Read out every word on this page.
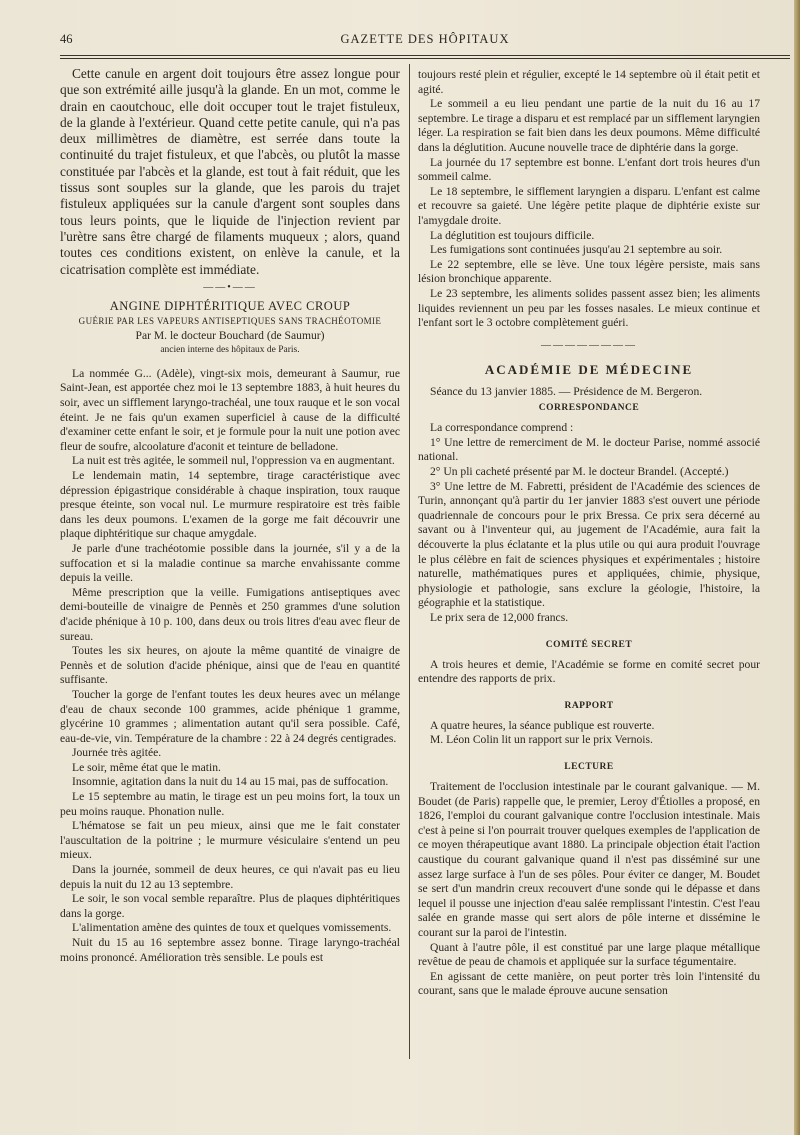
46	GAZETTE DES HÔPITAUX

Cette canule en argent doit toujours être assez longue pour que son extrémité aille jusqu'à la glande. En un mot, comme le drain en caoutchouc, elle doit occuper tout le trajet fistuleux, de la glande à l'extérieur. Quand cette petite canule, qui n'a pas deux millimètres de diamètre, est serrée dans toute la continuité du trajet fistuleux, et que l'abcès, ou plutôt la masse constituée par l'abcès et la glande, est tout à fait réduit, que les tissus sont souples sur la glande, que les parois du trajet fistuleux appliquées sur la canule d'argent sont souples dans tous leurs points, que le liquide de l'injection revient par l'urètre sans être chargé de filaments muqueux ; alors, quand toutes ces conditions existent, on enlève la canule, et la cicatrisation complète est immédiate.

——•——
ANGINE DIPHTÉRITIQUE AVEC CROUP
GUÉRIE PAR LES VAPEURS ANTISEPTIQUES SANS TRACHÉOTOMIE
Par M. le docteur Bouchard (de Saumur)
ancien interne des hôpitaux de Paris.

La nommée G... (Adèle), vingt-six mois, demeurant à Saumur, rue Saint-Jean, est apportée chez moi le 13 septembre 1883, à huit heures du soir, avec un sifflement laryngo-trachéal, une toux rauque et le son vocal éteint. Je ne fais qu'un examen superficiel à cause de la difficulté d'examiner cette enfant le soir, et je formule pour la nuit une potion avec fleur de soufre, alcoolature d'aconit et teinture de belladone.

La nuit est très agitée, le sommeil nul, l'oppression va en augmentant.

Le lendemain matin, 14 septembre, tirage caractéristique avec dépression épigastrique considérable à chaque inspiration, toux rauque presque éteinte, son vocal nul. Le murmure respiratoire est très faible dans les deux poumons. L'examen de la gorge me fait découvrir une plaque diphtéritique sur chaque amygdale.

Je parle d'une trachéotomie possible dans la journée, s'il y a de la suffocation et si la maladie continue sa marche envahissante comme depuis la veille.

Même prescription que la veille. Fumigations antiseptiques avec demi-bouteille de vinaigre de Pennès et 250 grammes d'une solution d'acide phénique à 10 p. 100, dans deux ou trois litres d'eau avec fleur de sureau.

Toutes les six heures, on ajoute la même quantité de vinaigre de Pennès et de solution d'acide phénique, ainsi que de l'eau en quantité suffisante.

Toucher la gorge de l'enfant toutes les deux heures avec un mélange d'eau de chaux seconde 100 grammes, acide phénique 1 gramme, glycérine 10 grammes ; alimentation autant qu'il sera possible. Café, eau-de-vie, vin. Température de la chambre : 22 à 24 degrés centigrades.

Journée très agitée.

Le soir, même état que le matin.

Insomnie, agitation dans la nuit du 14 au 15 mai, pas de suffocation.

Le 15 septembre au matin, le tirage est un peu moins fort, la toux un peu moins rauque. Phonation nulle.

L'hématose se fait un peu mieux, ainsi que me le fait constater l'auscultation de la poitrine ; le murmure vésiculaire s'entend un peu mieux.

Dans la journée, sommeil de deux heures, ce qui n'avait pas eu lieu depuis la nuit du 12 au 13 septembre.

Le soir, le son vocal semble reparaître. Plus de plaques diphtéritiques dans la gorge.

L'alimentation amène des quintes de toux et quelques vomissements.

Nuit du 15 au 16 septembre assez bonne. Tirage laryngo-trachéal moins prononcé. Amélioration très sensible. Le pouls est

toujours resté plein et régulier, excepté le 14 septembre où il était petit et agité.

Le sommeil a eu lieu pendant une partie de la nuit du 16 au 17 septembre. Le tirage a disparu et est remplacé par un sifflement laryngien léger. La respiration se fait bien dans les deux poumons. Même difficulté dans la déglutition. Aucune nouvelle trace de diphtérie dans la gorge.

La journée du 17 septembre est bonne. L'enfant dort trois heures d'un sommeil calme.

Le 18 septembre, le sifflement laryngien a disparu. L'enfant est calme et recouvre sa gaieté. Une légère petite plaque de diphtérie existe sur l'amygdale droite.

La déglutition est toujours difficile.

Les fumigations sont continuées jusqu'au 21 septembre au soir.

Le 22 septembre, elle se lève. Une toux légère persiste, mais sans lésion bronchique apparente.

Le 23 septembre, les aliments solides passent assez bien; les aliments liquides reviennent un peu par les fosses nasales. Le mieux continue et l'enfant sort le 3 octobre complètement guéri.

————————
ACADÉMIE DE MÉDECINE

Séance du 13 janvier 1885. — Présidence de M. Bergeron.

CORRESPONDANCE

La correspondance comprend :

1° Une lettre de remerciment de M. le docteur Parise, nommé associé national.

2° Un pli cacheté présenté par M. le docteur Brandel. (Accepté.)

3° Une lettre de M. Fabretti, président de l'Académie des sciences de Turin, annonçant qu'à partir du 1er janvier 1883 s'est ouvert une période quadriennale de concours pour le prix Bressa. Ce prix sera décerné au savant ou à l'inventeur qui, au jugement de l'Académie, aura fait la découverte la plus éclatante et la plus utile ou qui aura produit l'ouvrage le plus célèbre en fait de sciences physiques et expérimentales ; histoire naturelle, mathématiques pures et appliquées, chimie, physique, physiologie et pathologie, sans exclure la géologie, l'histoire, la géographie et la statistique.

Le prix sera de 12,000 francs.

COMITÉ SECRET

A trois heures et demie, l'Académie se forme en comité secret pour entendre des rapports de prix.

RAPPORT

A quatre heures, la séance publique est rouverte.

M. Léon Colin lit un rapport sur le prix Vernois.

LECTURE

Traitement de l'occlusion intestinale par le courant galvanique. — M. Boudet (de Paris) rappelle que, le premier, Leroy d'Étiolles a proposé, en 1826, l'emploi du courant galvanique contre l'occlusion intestinale. Mais c'est à peine si l'on pourrait trouver quelques exemples de l'application de ce moyen thérapeutique avant 1880. La principale objection était l'action caustique du courant galvanique quand il n'est pas disséminé sur une assez large surface à l'un de ses pôles. Pour éviter ce danger, M. Boudet se sert d'un mandrin creux recouvert d'une sonde qui le dépasse et dans lequel il pousse une injection d'eau salée remplissant l'intestin. C'est l'eau salée en grande masse qui sert alors de pôle interne et dissémine le courant sur la paroi de l'intestin.

Quant à l'autre pôle, il est constitué par une large plaque métallique revêtue de peau de chamois et appliquée sur la surface tégumentaire.

En agissant de cette manière, on peut porter très loin l'intensité du courant, sans que le malade éprouve aucune sensation
